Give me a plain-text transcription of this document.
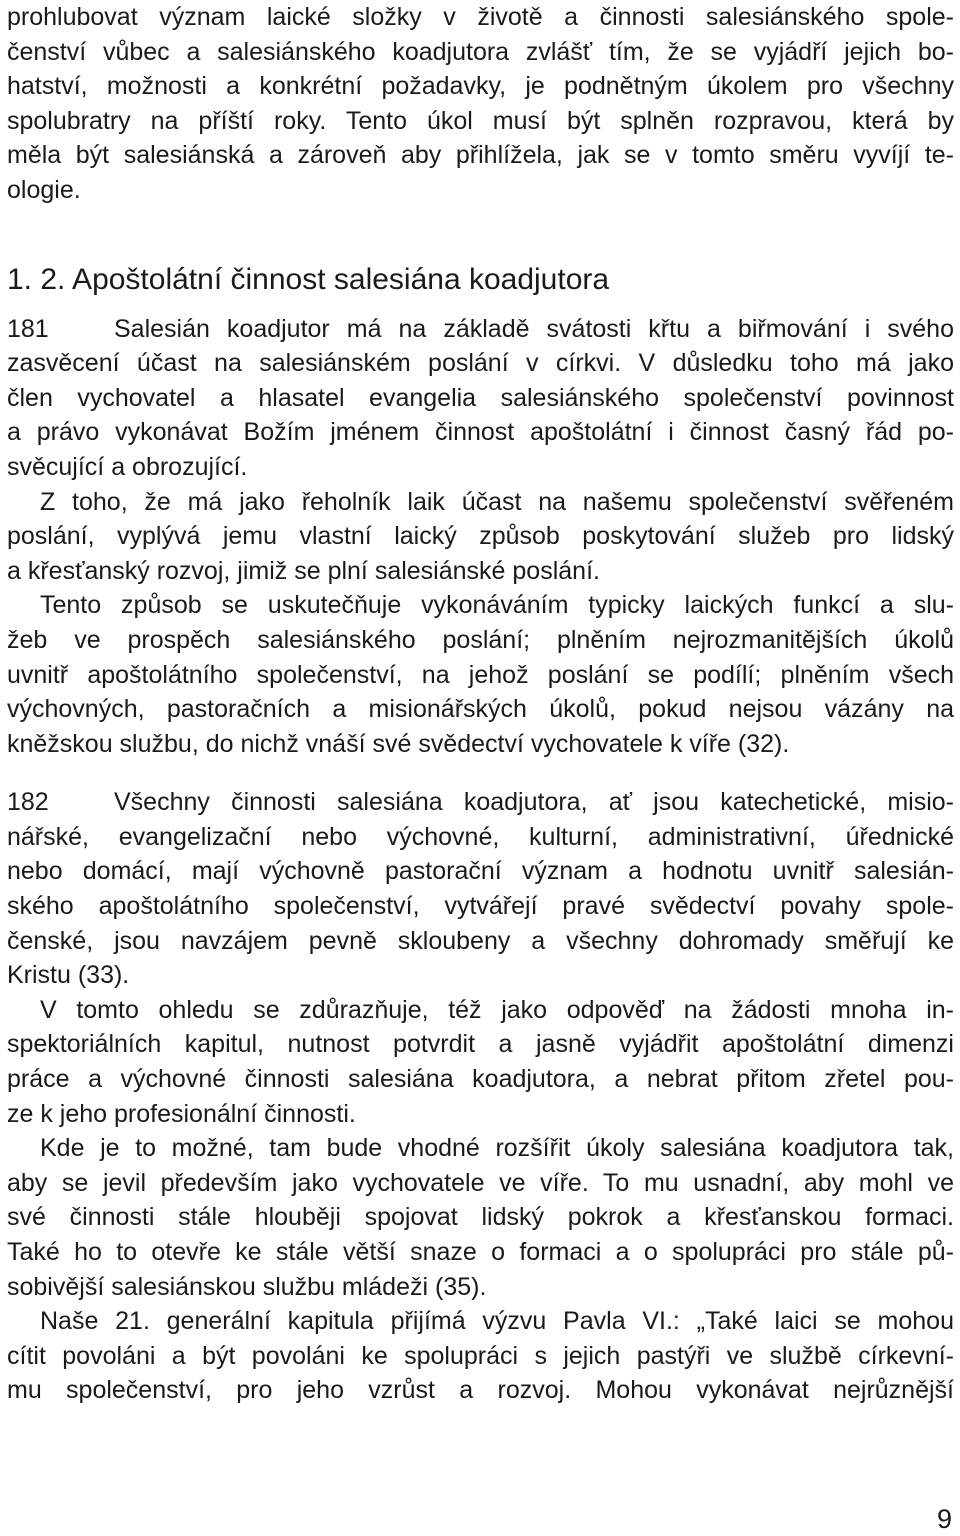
prohlubovat význam laické složky v životě a činnosti salesiánského spole-
čenství vůbec a salesiánského koadjutora zvlášť tím, že se vyjádří jejich bo-
hatství, možnosti a konkrétní požadavky, je podnětným úkolem pro všechny
spolubratry na příští roky. Tento úkol musí být splněn rozpravou, která by
měla být salesiánská a zároveň aby přihlížela, jak se v tomto směru vyvíjí te-
ologie.
1. 2. Apoštolátní činnost salesiána koadjutora
181	Salesián koadjutor má na základě svátosti křtu a biřmování i svého
zasvěcení účast na salesiánském poslání v církvi. V důsledku toho má jako
člen vychovatel a hlasatel evangelia salesiánského společenství povinnost
a právo vykonávat Božím jménem činnost apoštolátní i činnost časný řád po-
svěcující a obrozující.
Z toho, že má jako řeholník laik účast na našemu společenství svěřeném
poslání, vyplývá jemu vlastní laický způsob poskytování služeb pro lidský
a křesťanský rozvoj, jimiž se plní salesiánské poslání.
Tento způsob se uskutečňuje vykonáváním typicky laických funkcí a slu-
žeb ve prospěch salesiánského poslání; plněním nejrozmanitějších úkolů
uvnitř apoštolátního společenství, na jehož poslání se podílí; plněním všech
výchovných, pastoračních a misionářských úkolů, pokud nejsou vázány na
kněžskou službu, do nichž vnáší své svědectví vychovatele k víře (32).
182	Všechny činnosti salesiána koadjutora, ať jsou katechetické, misio-
nářské, evangelizační nebo výchovné, kulturní, administrativní, úřednické
nebo domácí, mají výchovně pastorační význam a hodnotu uvnitř salesián-
ského apoštolátního společenství, vytvářejí pravé svědectví povahy spole-
čenské, jsou navzájem pevně skloubeny a všechny dohromady směřují ke
Kristu (33).
V tomto ohledu se zdůrazňuje, též jako odpověď na žádosti mnoha in-
spektoriálních kapitul, nutnost potvrdit a jasně vyjádřit apoštolátní dimenzi
práce a výchovné činnosti salesiána koadjutora, a nebrat přitom zřetel pou-
ze k jeho profesionální činnosti.
Kde je to možné, tam bude vhodné rozšířit úkoly salesiána koadjutora tak,
aby se jevil především jako vychovatele ve víře. To mu usnadní, aby mohl ve
své činnosti stále hlouběji spojovat lidský pokrok a křesťanskou formaci.
Také ho to otevře ke stále větší snaze o formaci a o spolupráci pro stále pů-
sobivější salesiánskou službu mládeži (35).
Naše 21. generální kapitula přijímá výzvu Pavla VI.: „Také laici se mohou
cítit povoláni a být povoláni ke spolupráci s jejich pastýři ve službě církevní-
mu společenství, pro jeho vzrůst a rozvoj. Mohou vykonávat nejrůznější
9
